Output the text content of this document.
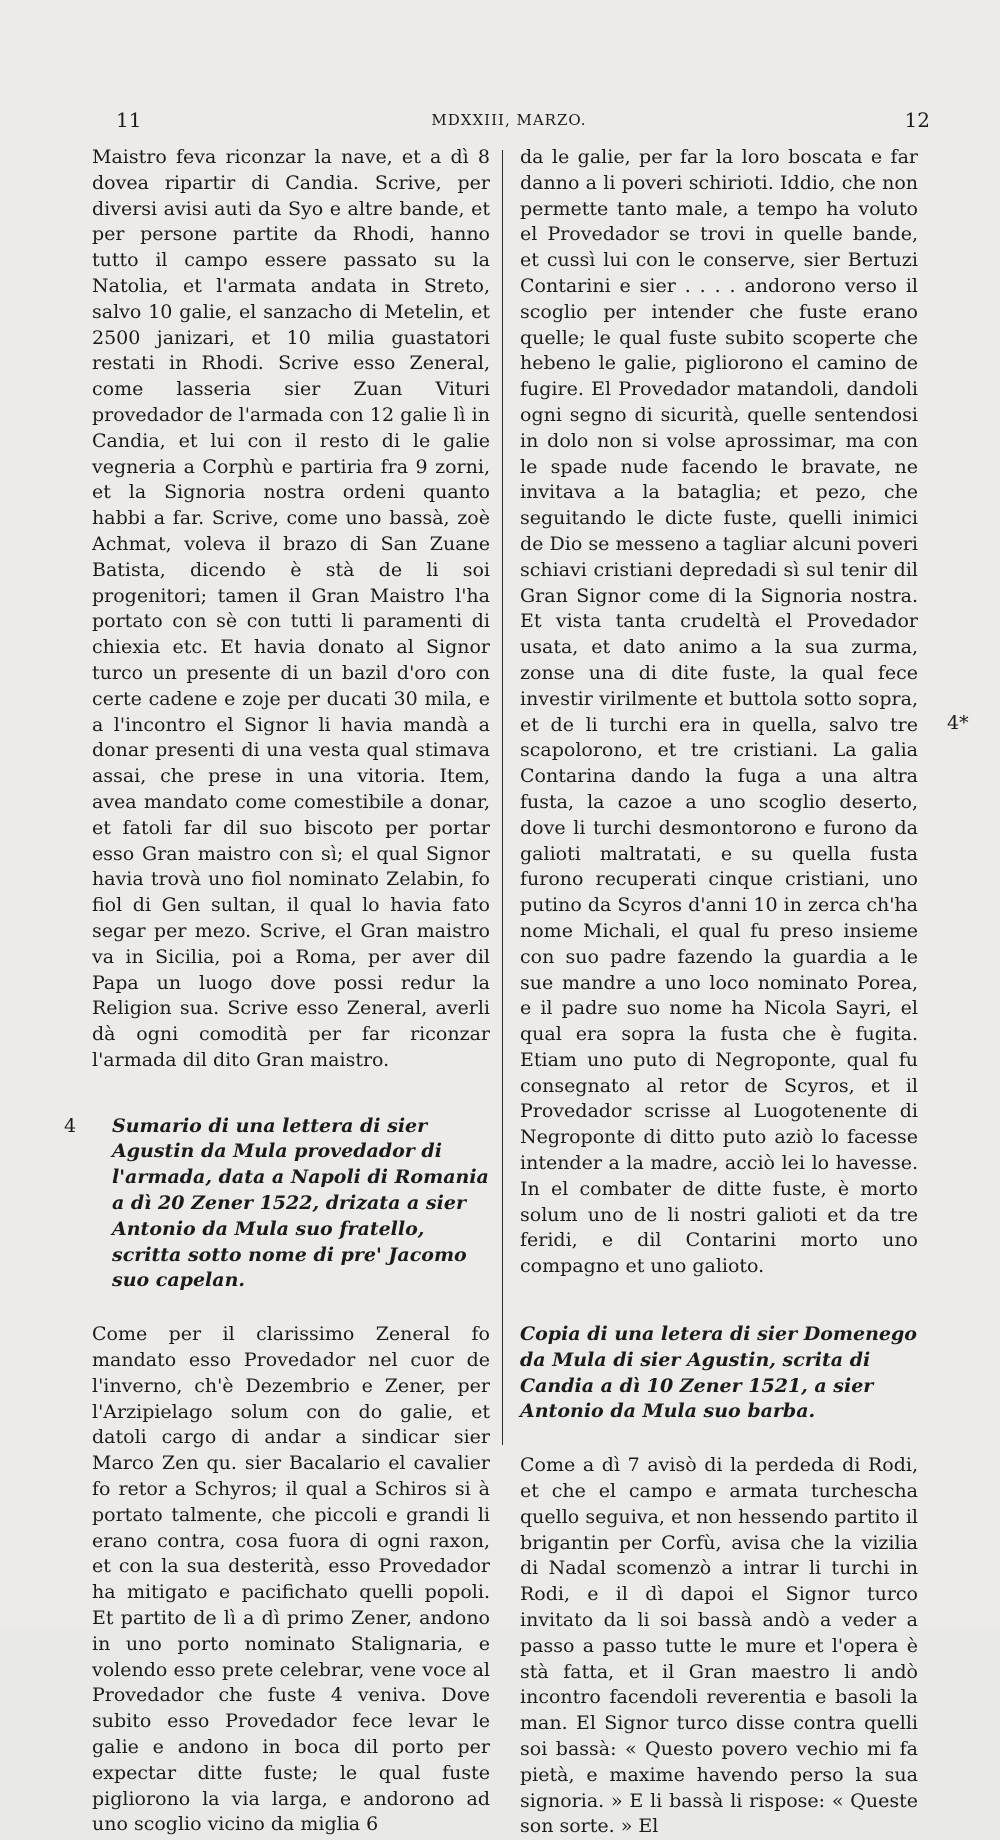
11	MDXXIII, MARZO.	12

Maistro feva riconzar la nave, et a dì 8 dovea ripartir di Candia. Scrive, per diversi avisi auti da Syo e altre bande, et per persone partite da Rhodi, hanno tutto il campo essere passato su la Natolia, et l'armata andata in Streto, salvo 10 galie, el sanzacho di Metelin, et 2500 janizari, et 10 milia guastatori restati in Rhodi. Scrive esso Zeneral, come lasseria sier Zuan Vituri provedador de l'armada con 12 galie lì in Candia, et lui con il resto di le galie vegneria a Corphù e partiria fra 9 zorni, et la Signoria nostra ordeni quanto habbi a far. Scrive, come uno bassà, zoè Achmat, voleva il brazo di San Zuane Batista, dicendo è stà de li soi progenitori; tamen il Gran Maistro l'ha portato con sè con tutti li paramenti di chiexia etc. Et havia donato al Signor turco un presente di un bazil d'oro con certe cadene e zoje per ducati 30 mila, e a l'incontro el Signor li havia mandà a donar presenti di una vesta qual stimava assai, che prese in una vitoria. Item, avea mandato come comestibile a donar, et fatoli far dil suo biscoto per portar esso Gran maistro con sì; el qual Signor havia trovà uno fiol nominato Zelabin, fo fiol di Gen sultan, il qual lo havia fato segar per mezo. Scrive, el Gran maistro va in Sicilia, poi a Roma, per aver dil Papa un luogo dove possi redur la Religion sua. Scrive esso Zeneral, averli dà ogni comodità per far riconzar l'armada dil dito Gran maistro.

4 Sumario di una lettera di sier Agustin da Mula provedador di l'armada, data a Napoli di Romania a dì 20 Zener 1522, drizata a sier Antonio da Mula suo fratello, scritta sotto nome di pre' Jacomo suo capelan.

Come per il clarissimo Zeneral fo mandato esso Provedador nel cuor de l'inverno, ch'è Dezembrio e Zener, per l'Arzipielago solum con do galie, et datoli cargo di andar a sindicar sier Marco Zen qu. sier Bacalario el cavalier fo retor a Schyros; il qual a Schiros si à portato talmente, che piccoli e grandi li erano contra, cosa fuora di ogni raxon, et con la sua desterità, esso Provedador ha mitigato e pacifichato quelli popoli. Et partito de lì a dì primo Zener, andono in uno porto nominato Stalignaria, e volendo esso prete celebrar, vene voce al Provedador che fuste 4 veniva. Dove subito esso Provedador fece levar le galie e andono in boca dil porto per expectar ditte fuste; le qual fuste pigliorono la via larga, e andorono ad uno scoglio vicino da miglia 6

da le galie, per far la loro boscata e far danno a li poveri schirioti. Iddio, che non permette tanto male, a tempo ha voluto el Provedador se trovi in quelle bande, et cussì lui con le conserve, sier Bertuzi Contarini e sier . . . . andorono verso il scoglio per intender che fuste erano quelle; le qual fuste subito scoperte che hebeno le galie, pigliorono el camino de fugire. El Provedador matandoli, dandoli ogni segno di sicurità, quelle sentendosi in dolo non si volse aprossimar, ma con le spade nude facendo le bravate, ne invitava a la bataglia; et pezo, che seguitando le dicte fuste, quelli inimici de Dio se messeno a tagliar alcuni poveri schiavi cristiani depredadi sì sul tenir dil Gran Signor come di la Signoria nostra. Et vista tanta crudeltà el Provedador usata, et dato animo a la sua zurma, zonse una di dite fuste, la qual fece investir virilmente et buttola sotto sopra, et de li turchi era in quella, salvo tre scapolorono, et tre cristiani. La galia Contarina dando la fuga a una altra fusta, la cazoe a uno scoglio deserto, dove li turchi desmontorono e furono da galioti maltratati, e su quella fusta furono recuperati cinque cristiani, uno putino da Scyros d'anni 10 in zerca ch'ha nome Michali, el qual fu preso insieme con suo padre fazendo la guardia a le sue mandre a uno loco nominato Porea, e il padre suo nome ha Nicola Sayri, el qual era sopra la fusta che è fugita. Etiam uno puto di Negroponte, qual fu consegnato al retor de Scyros, et il Provedador scrisse al Luogotenente di Negroponte di ditto puto aziò lo facesse intender a la madre, acciò lei lo havesse. In el combater de ditte fuste, è morto solum uno de li nostri galioti et da tre feridi, e dil Contarini morto uno compagno et uno galioto.

Copia di una letera di sier Domenego da Mula di sier Agustin, scrita di Candia a dì 10 Zener 1521, a sier Antonio da Mula suo barba.

Come a dì 7 avisò di la perdeda di Rodi, et che el campo e armata turchescha quello seguiva, et non hessendo partito il brigantin per Corfù, avisa che la vizilia di Nadal scomenzò a intrar li turchi in Rodi, e il dì dapoi el Signor turco invitato da li soi bassà andò a veder a passo a passo tutte le mure et l'opera è stà fatta, et il Gran maestro li andò incontro facendoli reverentia e basoli la man. El Signor turco disse contra quelli soi bassà: « Questo povero vechio mi fa pietà, e maxime havendo perso la sua signoria. » E li bassà li rispose: « Queste son sorte. » El

4*
